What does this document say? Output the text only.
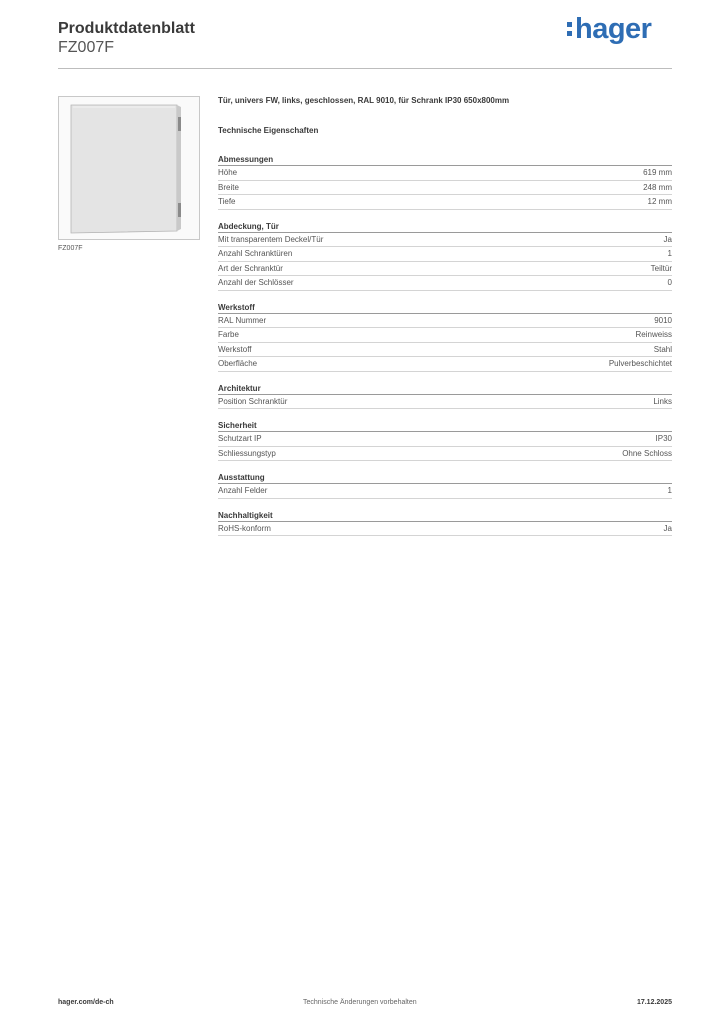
Produktdatenblatt
FZ007F
hager
FZ007F
Tür, univers FW, links, geschlossen, RAL 9010, für Schrank IP30 650x800mm
Technische Eigenschaften
Abmessungen
Höhe	619 mm
Breite	248 mm
Tiefe	12 mm
Abdeckung, Tür
Mit transparentem Deckel/Tür	Ja
Anzahl Schranktüren	1
Art der Schranktür	Teiltür
Anzahl der Schlösser	0
Werkstoff
RAL Nummer	9010
Farbe	Reinweiss
Werkstoff	Stahl
Oberfläche	Pulverbeschichtet
Architektur
Position Schranktür	Links
Sicherheit
Schutzart IP	IP30
Schliessungstyp	Ohne Schloss
Ausstattung
Anzahl Felder	1
Nachhaltigkeit
RoHS-konform	Ja
hager.com/de-ch	Technische Änderungen vorbehalten	17.12.2025
